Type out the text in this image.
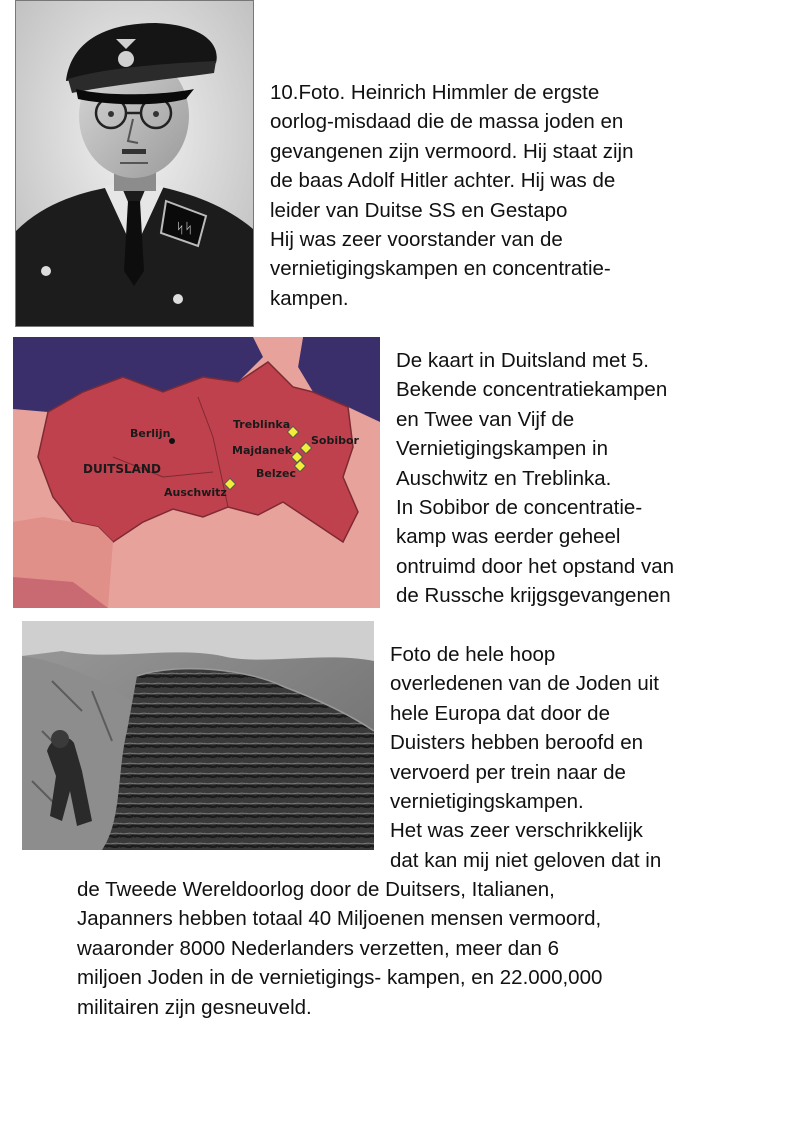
ᛋᛋ
10.Foto. Heinrich Himmler de ergste
oorlog-misdaad die de massa joden en
gevangenen zijn vermoord. Hij staat zijn
de baas Adolf Hitler achter. Hij was de
leider van Duitse SS en Gestapo
Hij was zeer voorstander van de
vernietigingskampen en concentratie-
kampen.
Berlijn
DUITSLAND
Treblinka
Sobibor
Majdanek
Belzec
Auschwitz
De kaart in Duitsland met 5.
Bekende concentratiekampen
en Twee van Vijf de
Vernietigingskampen in
Auschwitz en Treblinka.
In Sobibor de concentratie-
kamp was eerder geheel
ontruimd door het opstand van
de Russche krijgsgevangenen
Foto de hele hoop
overledenen van de Joden uit
hele Europa dat door de
Duisters hebben beroofd en
vervoerd per trein naar de
vernietigingskampen.
Het was zeer verschrikkelijk
dat kan mij niet geloven dat in
de Tweede Wereldoorlog door de Duitsers, Italianen,
Japanners hebben totaal 40 Miljoenen mensen vermoord,
waaronder 8000 Nederlanders verzetten, meer dan 6
miljoen Joden in de vernietigings- kampen, en 22.000,000
militairen zijn gesneuveld.
